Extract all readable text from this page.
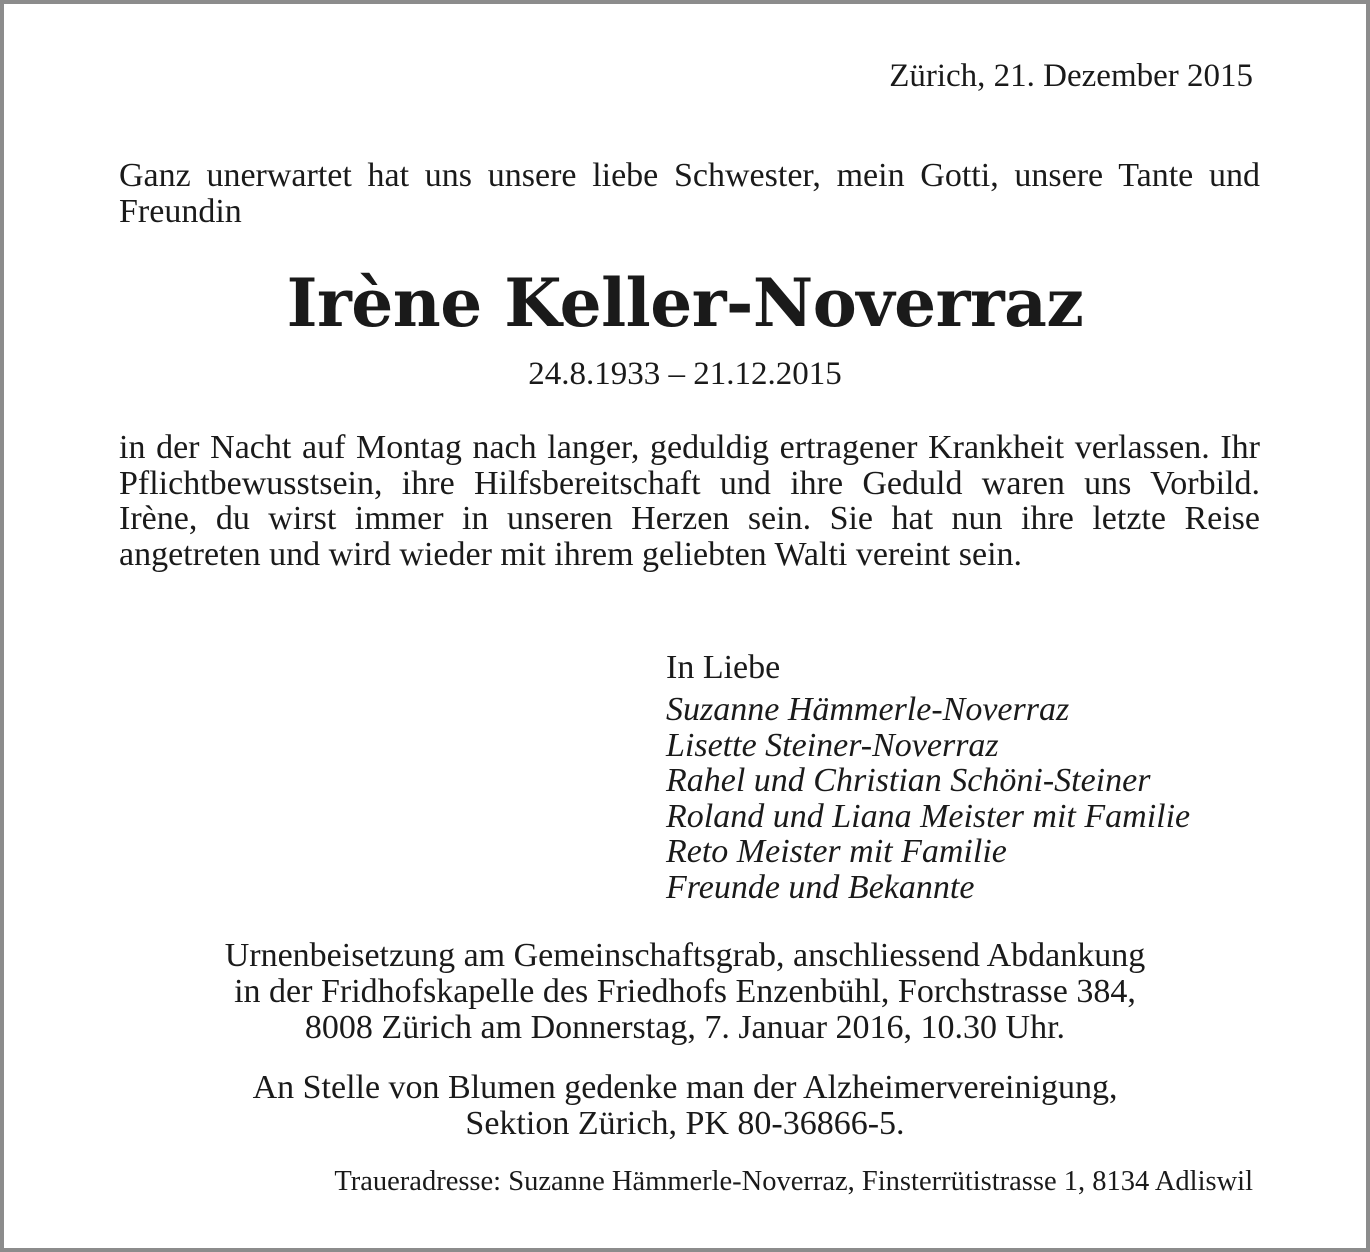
Zürich, 21. Dezember 2015
Ganz unerwartet hat uns unsere liebe Schwester, mein Gotti, unsere Tante und Freundin
Irène Keller-Noverraz
24.8.1933 – 21.12.2015
in der Nacht auf Montag nach langer, geduldig ertragener Krankheit verlassen. Ihr Pflichtbewusstsein, ihre Hilfsbereitschaft und ihre Geduld waren uns Vorbild. Irène, du wirst immer in unseren Herzen sein. Sie hat nun ihre letzte Reise angetreten und wird wieder mit ihrem geliebten Walti vereint sein.
In Liebe
Suzanne Hämmerle-Noverraz
Lisette Steiner-Noverraz
Rahel und Christian Schöni-Steiner
Roland und Liana Meister mit Familie
Reto Meister mit Familie
Freunde und Bekannte
Urnenbeisetzung am Gemeinschaftsgrab, anschliessend Abdankung
in der Fridhofskapelle des Friedhofs Enzenbühl, Forchstrasse 384,
8008 Zürich am Donnerstag, 7. Januar 2016, 10.30 Uhr.
An Stelle von Blumen gedenke man der Alzheimervereinigung,
Sektion Zürich, PK 80-36866-5.
Traueradresse: Suzanne Hämmerle-Noverraz, Finsterrütistrasse 1, 8134 Adliswil
